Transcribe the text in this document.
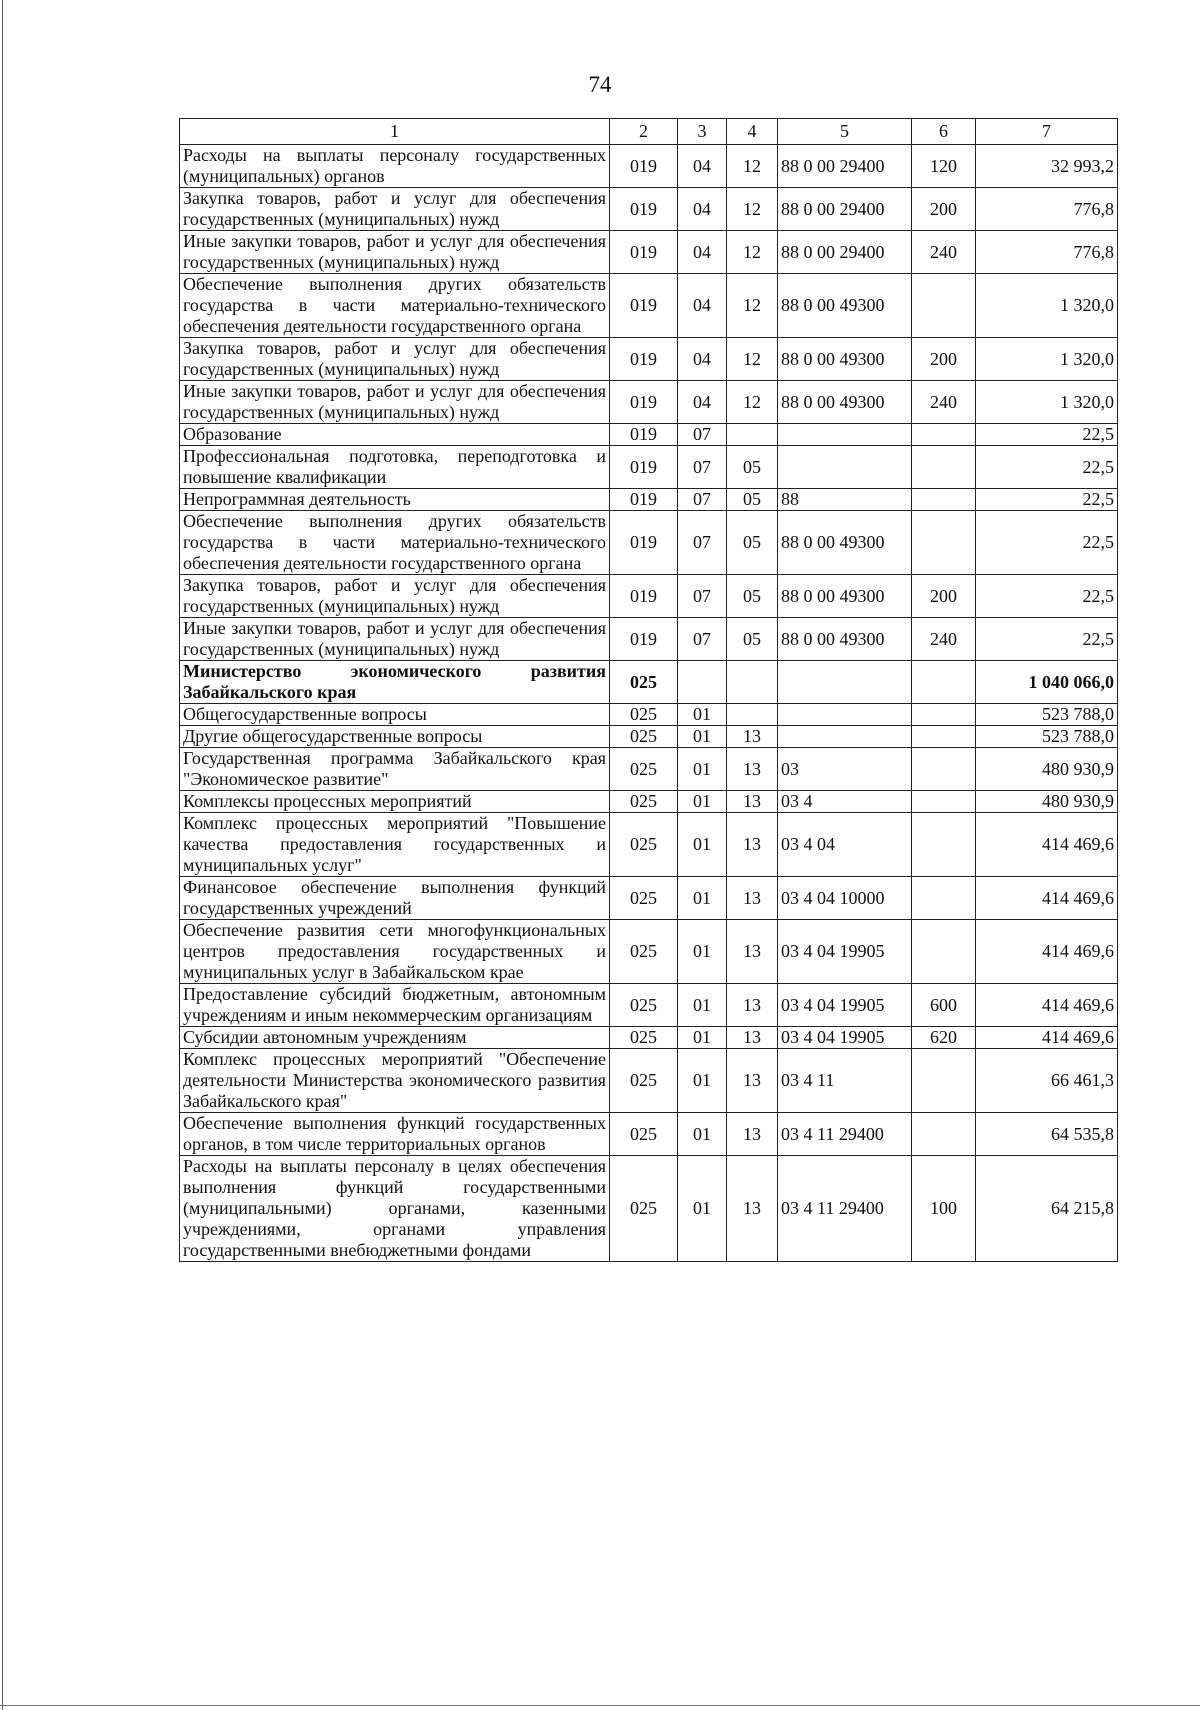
74
1	2	3	4	5	6	7
Расходы на выплаты персоналу государственных (муниципальных) органов	019	04	12	88 0 00 29400	120	32 993,2
Закупка товаров, работ и услуг для обеспечения государственных (муниципальных) нужд	019	04	12	88 0 00 29400	200	776,8
Иные закупки товаров, работ и услуг для обеспечения государственных (муниципальных) нужд	019	04	12	88 0 00 29400	240	776,8
Обеспечение выполнения других обязательств государства в части материально-технического обеспечения деятельности государственного органа	019	04	12	88 0 00 49300		1 320,0
Закупка товаров, работ и услуг для обеспечения государственных (муниципальных) нужд	019	04	12	88 0 00 49300	200	1 320,0
Иные закупки товаров, работ и услуг для обеспечения государственных (муниципальных) нужд	019	04	12	88 0 00 49300	240	1 320,0
Образование	019	07				22,5
Профессиональная подготовка, переподготовка и повышение квалификации	019	07	05			22,5
Непрограммная деятельность	019	07	05	88		22,5
Обеспечение выполнения других обязательств государства в части материально-технического обеспечения деятельности государственного органа	019	07	05	88 0 00 49300		22,5
Закупка товаров, работ и услуг для обеспечения государственных (муниципальных) нужд	019	07	05	88 0 00 49300	200	22,5
Иные закупки товаров, работ и услуг для обеспечения государственных (муниципальных) нужд	019	07	05	88 0 00 49300	240	22,5
Министерство экономического развития Забайкальского края	025					1 040 066,0
Общегосударственные вопросы	025	01				523 788,0
Другие общегосударственные вопросы	025	01	13			523 788,0
Государственная программа Забайкальского края "Экономическое развитие"	025	01	13	03		480 930,9
Комплексы процессных мероприятий	025	01	13	03 4		480 930,9
Комплекс процессных мероприятий "Повышение качества предоставления государственных и муниципальных услуг"	025	01	13	03 4 04		414 469,6
Финансовое обеспечение выполнения функций государственных учреждений	025	01	13	03 4 04 10000		414 469,6
Обеспечение развития сети многофункциональных центров предоставления государственных и муниципальных услуг в Забайкальском крае	025	01	13	03 4 04 19905		414 469,6
Предоставление субсидий бюджетным, автономным учреждениям и иным некоммерческим организациям	025	01	13	03 4 04 19905	600	414 469,6
Субсидии автономным учреждениям	025	01	13	03 4 04 19905	620	414 469,6
Комплекс процессных мероприятий "Обеспечение деятельности Министерства экономического развития Забайкальского края"	025	01	13	03 4 11		66 461,3
Обеспечение выполнения функций государственных органов, в том числе территориальных органов	025	01	13	03 4 11 29400		64 535,8
Расходы на выплаты персоналу в целях обеспечения выполнения функций государственными (муниципальными) органами, казенными учреждениями, органами управления государственными внебюджетными фондами	025	01	13	03 4 11 29400	100	64 215,8
